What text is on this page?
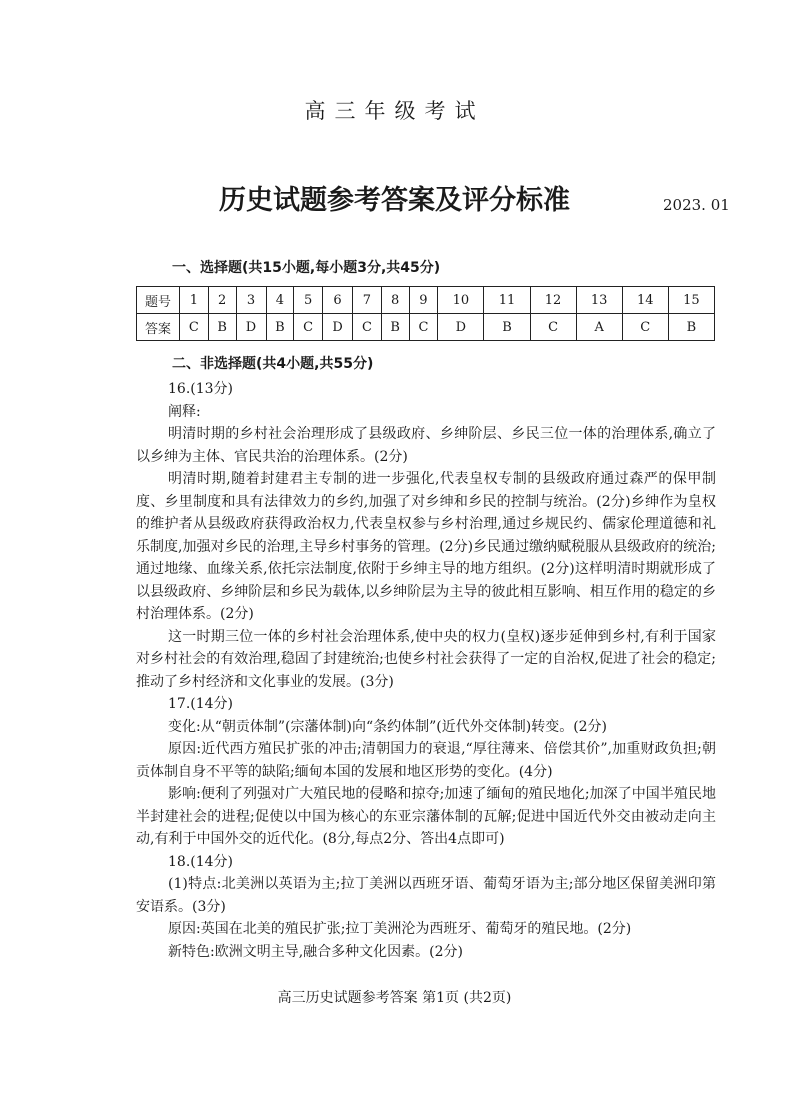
高三年级考试
历史试题参考答案及评分标准	2023. 01
一、选择题(共15小题,每小题3分,共45分)
题号	1	2	3	4	5	6	7	8	9	10	11	12	13	14	15
答案	C	B	D	B	C	D	C	B	C	D	B	C	A	C	B
二、非选择题(共4小题,共55分)

16.(13分)

阐释:

明清时期的乡村社会治理形成了县级政府、乡绅阶层、乡民三位一体的治理体系,确立了以乡绅为主体、官民共治的治理体系。(2分)

明清时期,随着封建君主专制的进一步强化,代表皇权专制的县级政府通过森严的保甲制度、乡里制度和具有法律效力的乡约,加强了对乡绅和乡民的控制与统治。(2分)乡绅作为皇权的维护者从县级政府获得政治权力,代表皇权参与乡村治理,通过乡规民约、儒家伦理道德和礼乐制度,加强对乡民的治理,主导乡村事务的管理。(2分)乡民通过缴纳赋税服从县级政府的统治;通过地缘、血缘关系,依托宗法制度,依附于乡绅主导的地方组织。(2分)这样明清时期就形成了以县级政府、乡绅阶层和乡民为载体,以乡绅阶层为主导的彼此相互影响、相互作用的稳定的乡村治理体系。(2分)

这一时期三位一体的乡村社会治理体系,使中央的权力(皇权)逐步延伸到乡村,有利于国家对乡村社会的有效治理,稳固了封建统治;也使乡村社会获得了一定的自治权,促进了社会的稳定;推动了乡村经济和文化事业的发展。(3分)

17.(14分)

变化:从“朝贡体制”(宗藩体制)向“条约体制”(近代外交体制)转变。(2分)

原因:近代西方殖民扩张的冲击;清朝国力的衰退,“厚往薄来、倍偿其价”,加重财政负担;朝贡体制自身不平等的缺陷;缅甸本国的发展和地区形势的变化。(4分)

影响:便利了列强对广大殖民地的侵略和掠夺;加速了缅甸的殖民地化;加深了中国半殖民地半封建社会的进程;促使以中国为核心的东亚宗藩体制的瓦解;促进中国近代外交由被动走向主动,有利于中国外交的近代化。(8分,每点2分、答出4点即可)

18.(14分)

(1)特点:北美洲以英语为主;拉丁美洲以西班牙语、葡萄牙语为主;部分地区保留美洲印第安语系。(3分)

原因:英国在北美的殖民扩张;拉丁美洲沦为西班牙、葡萄牙的殖民地。(2分)

新特色:欧洲文明主导,融合多种文化因素。(2分)

高三历史试题参考答案 第1页 (共2页)
